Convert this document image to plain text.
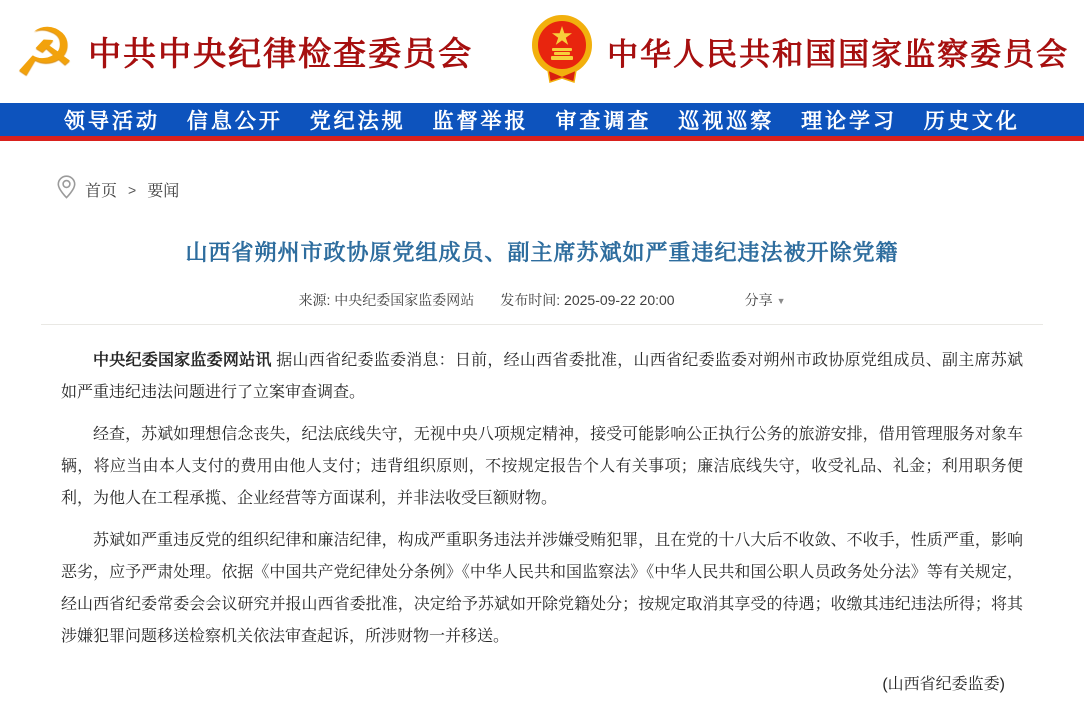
☭ 中共中央纪律检查委员会	中华人民共和国国家监察委员会
领导活动 信息公开 党纪法规 监督举报 审查调查 巡视巡察 理论学习 历史文化
首页 > 要闻
山西省朔州市政协原党组成员、副主席苏斌如严重违纪违法被开除党籍
来源: 中央纪委国家监委网站 发布时间: 2025-09-22 20:00	分享 ▼

中央纪委国家监委网站讯 据山西省纪委监委消息：日前，经山西省委批准，山西省纪委监委对朔州市政协原党组成员、副主席苏斌如严重违纪违法问题进行了立案审查调查。

经查，苏斌如理想信念丧失，纪法底线失守，无视中央八项规定精神，接受可能影响公正执行公务的旅游安排，借用管理服务对象车辆，将应当由本人支付的费用由他人支付；违背组织原则，不按规定报告个人有关事项；廉洁底线失守，收受礼品、礼金；利用职务便利，为他人在工程承揽、企业经营等方面谋利，并非法收受巨额财物。

苏斌如严重违反党的组织纪律和廉洁纪律，构成严重职务违法并涉嫌受贿犯罪，且在党的十八大后不收敛、不收手，性质严重，影响恶劣，应予严肃处理。依据《中国共产党纪律处分条例》《中华人民共和国监察法》《中华人民共和国公职人员政务处分法》等有关规定，经山西省纪委常委会会议研究并报山西省委批准，决定给予苏斌如开除党籍处分；按规定取消其享受的待遇；收缴其违纪违法所得；将其涉嫌犯罪问题移送检察机关依法审查起诉，所涉财物一并移送。

(山西省纪委监委)
